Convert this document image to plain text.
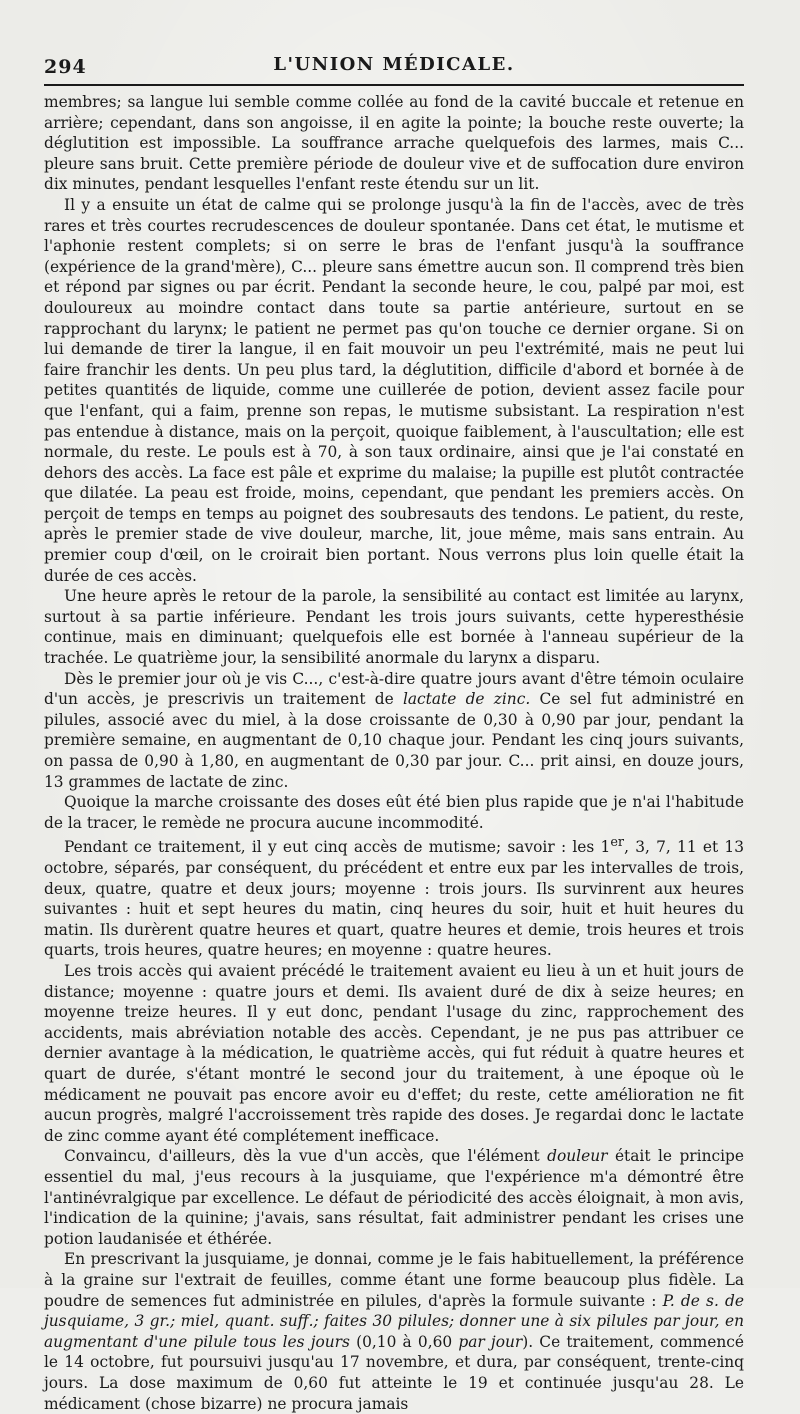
294	L'UNION MÉDICALE.

membres; sa langue lui semble comme collée au fond de la cavité buccale et retenue en arrière; cependant, dans son angoisse, il en agite la pointe; la bouche reste ouverte; la déglutition est impossible. La souffrance arrache quelquefois des larmes, mais C... pleure sans bruit. Cette première période de douleur vive et de suffocation dure environ dix minutes, pendant lesquelles l'enfant reste étendu sur un lit.

Il y a ensuite un état de calme qui se prolonge jusqu'à la fin de l'accès, avec de très rares et très courtes recrudescences de douleur spontanée. Dans cet état, le mutisme et l'aphonie restent complets; si on serre le bras de l'enfant jusqu'à la souffrance (expérience de la grand'mère), C... pleure sans émettre aucun son. Il comprend très bien et répond par signes ou par écrit. Pendant la seconde heure, le cou, palpé par moi, est douloureux au moindre contact dans toute sa partie antérieure, surtout en se rapprochant du larynx; le patient ne permet pas qu'on touche ce dernier organe. Si on lui demande de tirer la langue, il en fait mouvoir un peu l'extrémité, mais ne peut lui faire franchir les dents. Un peu plus tard, la déglutition, difficile d'abord et bornée à de petites quantités de liquide, comme une cuillerée de potion, devient assez facile pour que l'enfant, qui a faim, prenne son repas, le mutisme subsistant. La respiration n'est pas entendue à distance, mais on la perçoit, quoique faiblement, à l'auscultation; elle est normale, du reste. Le pouls est à 70, à son taux ordinaire, ainsi que je l'ai constaté en dehors des accès. La face est pâle et exprime du malaise; la pupille est plutôt contractée que dilatée. La peau est froide, moins, cependant, que pendant les premiers accès. On perçoit de temps en temps au poignet des soubresauts des tendons. Le patient, du reste, après le premier stade de vive douleur, marche, lit, joue même, mais sans entrain. Au premier coup d'œil, on le croirait bien portant. Nous verrons plus loin quelle était la durée de ces accès.

Une heure après le retour de la parole, la sensibilité au contact est limitée au larynx, surtout à sa partie inférieure. Pendant les trois jours suivants, cette hyperesthésie continue, mais en diminuant; quelquefois elle est bornée à l'anneau supérieur de la trachée. Le quatrième jour, la sensibilité anormale du larynx a disparu.

Dès le premier jour où je vis C..., c'est-à-dire quatre jours avant d'être témoin oculaire d'un accès, je prescrivis un traitement de lactate de zinc. Ce sel fut administré en pilules, associé avec du miel, à la dose croissante de 0,30 à 0,90 par jour, pendant la première semaine, en augmentant de 0,10 chaque jour. Pendant les cinq jours suivants, on passa de 0,90 à 1,80, en augmentant de 0,30 par jour. C... prit ainsi, en douze jours, 13 grammes de lactate de zinc.

Quoique la marche croissante des doses eût été bien plus rapide que je n'ai l'habitude de la tracer, le remède ne procura aucune incommodité.

Pendant ce traitement, il y eut cinq accès de mutisme; savoir : les 1er, 3, 7, 11 et 13 octobre, séparés, par conséquent, du précédent et entre eux par les intervalles de trois, deux, quatre, quatre et deux jours; moyenne : trois jours. Ils survinrent aux heures suivantes : huit et sept heures du matin, cinq heures du soir, huit et huit heures du matin. Ils durèrent quatre heures et quart, quatre heures et demie, trois heures et trois quarts, trois heures, quatre heures; en moyenne : quatre heures.

Les trois accès qui avaient précédé le traitement avaient eu lieu à un et huit jours de distance; moyenne : quatre jours et demi. Ils avaient duré de dix à seize heures; en moyenne treize heures. Il y eut donc, pendant l'usage du zinc, rapprochement des accidents, mais abréviation notable des accès. Cependant, je ne pus pas attribuer ce dernier avantage à la médication, le quatrième accès, qui fut réduit à quatre heures et quart de durée, s'étant montré le second jour du traitement, à une époque où le médicament ne pouvait pas encore avoir eu d'effet; du reste, cette amélioration ne fit aucun progrès, malgré l'accroissement très rapide des doses. Je regardai donc le lactate de zinc comme ayant été complétement inefficace.

Convaincu, d'ailleurs, dès la vue d'un accès, que l'élément douleur était le principe essentiel du mal, j'eus recours à la jusquiame, que l'expérience m'a démontré être l'antinévralgique par excellence. Le défaut de périodicité des accès éloignait, à mon avis, l'indication de la quinine; j'avais, sans résultat, fait administrer pendant les crises une potion laudanisée et éthérée.

En prescrivant la jusquiame, je donnai, comme je le fais habituellement, la préférence à la graine sur l'extrait de feuilles, comme étant une forme beaucoup plus fidèle. La poudre de semences fut administrée en pilules, d'après la formule suivante : P. de s. de jusquiame, 3 gr.; miel, quant. suff.; faites 30 pilules; donner une à six pilules par jour, en augmentant d'une pilule tous les jours (0,10 à 0,60 par jour). Ce traitement, commencé le 14 octobre, fut poursuivi jusqu'au 17 novembre, et dura, par conséquent, trente-cinq jours. La dose maximum de 0,60 fut atteinte le 19 et continuée jusqu'au 28. Le médicament (chose bizarre) ne procura jamais
